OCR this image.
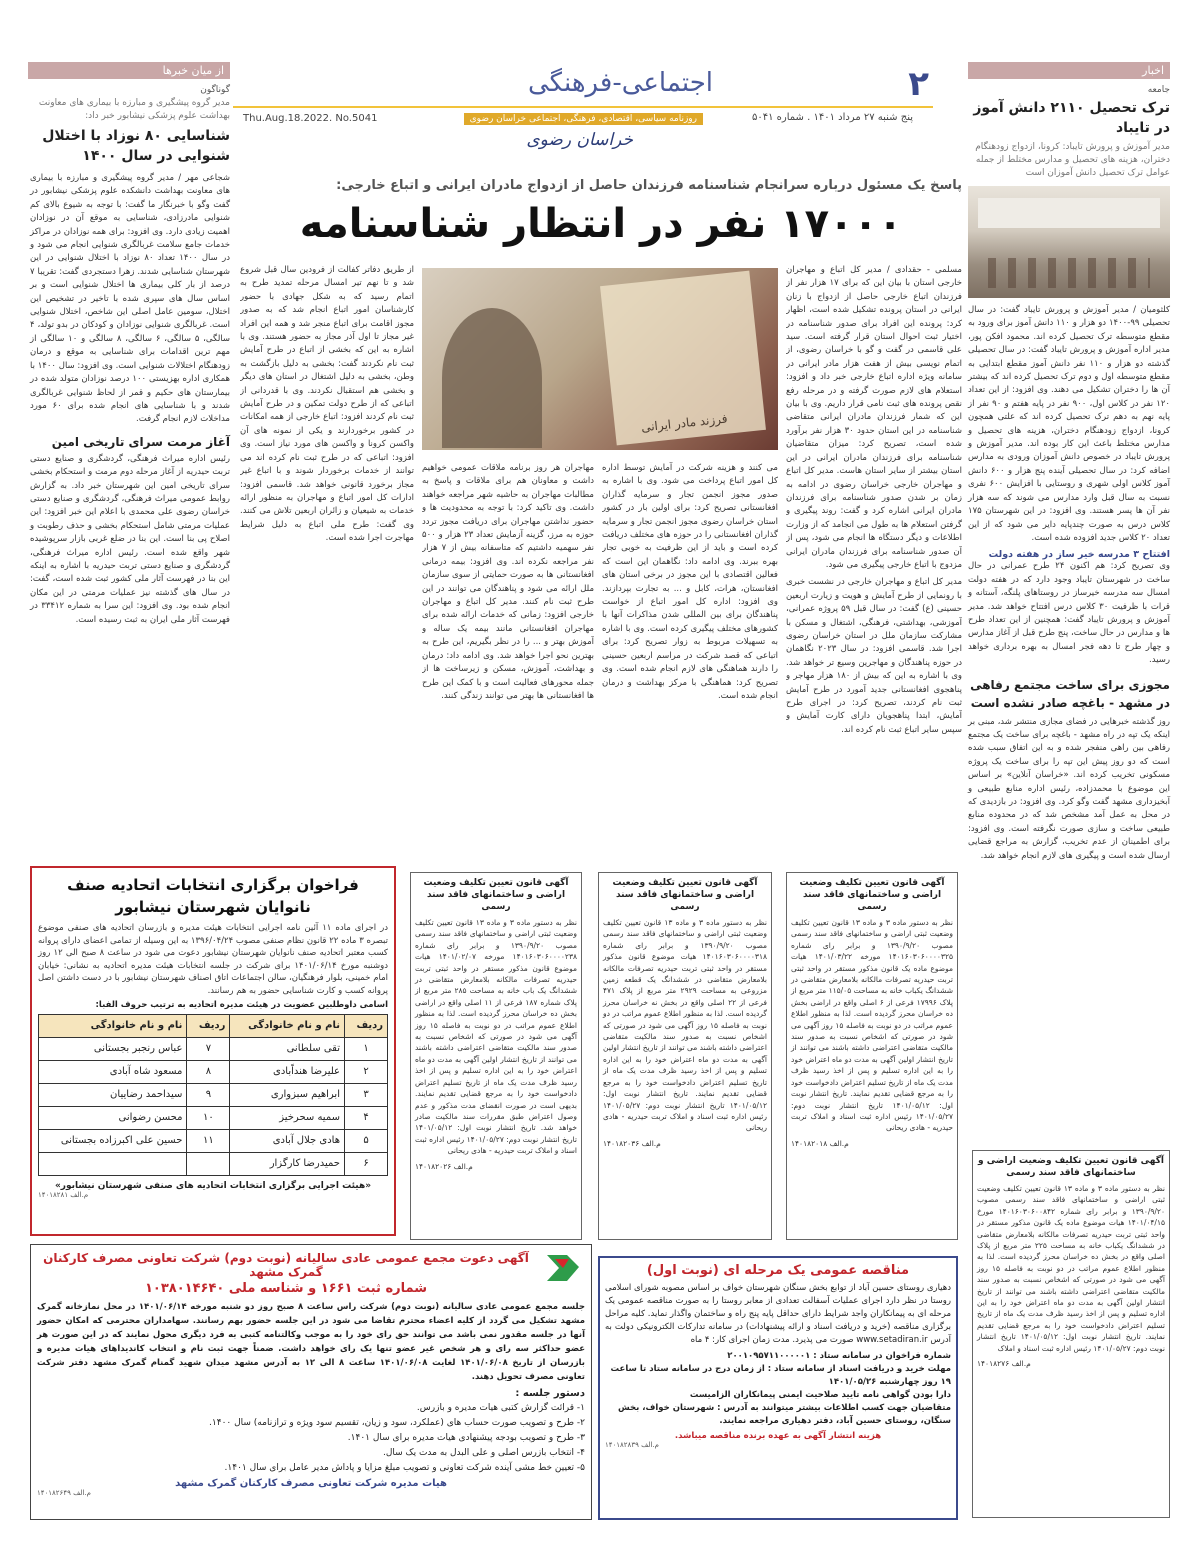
۲
اجتماعی-فرهنگی
پنج شنبه ۲۷ مرداد ۱۴۰۱ . شماره ۵۰۴۱
روزنامه سیاسی، اقتصادی، فرهنگی، اجتماعی خراسان رضوی
Thu.Aug.18.2022. No.5041
خراسان رضوی
از میان خبرها
گوناگون
مدیر گروه پیشگیری و مبارزه با بیماری های معاونت بهداشت علوم پزشکی نیشابور خبر داد:
شناسایی ۸۰ نوزاد با اختلال شنوایی در سال ۱۴۰۰
شجاعی مهر / مدیر گروه پیشگیری و مبارزه با بیماری های معاونت بهداشت دانشکده علوم پزشکی نیشابور در گفت وگو با خبرنگار ما گفت: با توجه به شیوع بالای کم شنوایی مادرزادی، شناسایی به موقع آن در نوزادان اهمیت زیادی دارد. وی افزود: برای همه نوزادان در مراکز خدمات جامع سلامت غربالگری شنوایی انجام می شود و در سال ۱۴۰۰ تعداد ۸۰ نوزاد با اختلال شنوایی در این شهرستان شناسایی شدند. زهرا دستجردی گفت: تقریبا ۷ درصد از بار کلی بیماری ها اختلال شنوایی است و بر اساس سال های سپری شده با تاخیر در تشخیص این اختلال، سومین عامل اصلی این شاخص، اختلال شنوایی است. غربالگری شنوایی نوزادان و کودکان در بدو تولد، ۴ سالگی، ۵ سالگی، ۶ سالگی، ۸ سالگی و ۱۰ سالگی از مهم ترین اقدامات برای شناسایی به موقع و درمان زودهنگام اختلالات شنوایی است. وی افزود: سال ۱۴۰۰ با همکاری اداره بهزیستی ۱۰۰ درصد نوزادان متولد شده در بیمارستان های حکیم و قمر از لحاظ شنوایی غربالگری شدند و با شناسایی های انجام شده برای ۶۰ مورد مداخلات لازم انجام گرفت.
آغاز مرمت سرای تاریخی امین
رئیس اداره میراث فرهنگی، گردشگری و صنایع دستی تربت حیدریه از آغاز مرحله دوم مرمت و استحکام بخشی سرای تاریخی امین این شهرستان خبر داد. به گزارش روابط عمومی میراث فرهنگی، گردشگری و صنایع دستی خراسان رضوی علی محمدی با اعلام این خبر افزود: این عملیات مرمتی شامل استحکام بخشی و حذف رطوبت و اصلاح پی بنا است. این بنا در ضلع غربی بازار سرپوشیده شهر واقع شده است. رئیس اداره میراث فرهنگی، گردشگری و صنایع دستی تربت حیدریه با اشاره به اینکه این بنا در فهرست آثار ملی کشور ثبت شده است، گفت: در سال های گذشته نیز عملیات مرمتی در این مکان انجام شده بود. وی افزود: این سرا به شماره ۳۳۴۱۲ در فهرست آثار ملی ایران به ثبت رسیده است.
اخبار
جامعه
ترک تحصیل ۲۱۱۰ دانش آموز در تایباد
مدیر آموزش و پرورش تایباد: کرونا، ازدواج زودهنگام دختران، هزینه های تحصیل و مدارس مختلط از جمله عوامل ترک تحصیل دانش آموزان است
کلثومیان / مدیر آموزش و پرورش تایباد گفت: در سال تحصیلی ۹۹-۱۴۰۰ دو هزار و ۱۱۰ دانش آموز برای ورود به مقطع متوسطه ترک تحصیل کرده اند. محمود افکن پور، مدیر اداره آموزش و پرورش تایباد گفت: در سال تحصیلی گذشته دو هزار و ۱۱۰ نفر دانش آموز مقطع ابتدایی به مقطع متوسطه اول و دوم ترک تحصیل کرده اند که بیشتر آن ها را دختران تشکیل می دهند. وی افزود: از این تعداد ۱۲۰ نفر در کلاس اول، ۹۰۰ نفر در پایه هفتم و ۹۰ نفر از پایه نهم به دهم ترک تحصیل کرده اند که علتی همچون کرونا، ازدواج زودهنگام دختران، هزینه های تحصیل و مدارس مختلط باعث این کار بوده اند. مدیر آموزش و پرورش تایباد در خصوص دانش آموزان ورودی به مدارس اضافه کرد: در سال تحصیلی آینده پنج هزار و ۶۰۰ دانش آموز کلاس اولی شهری و روستایی با افزایش ۶۰۰ نفری نسبت به سال قبل وارد مدارس می شوند که سه هزار نفر آن ها پسر هستند. وی افزود: در این شهرستان ۱۷۵ کلاس درس به صورت چندپایه دایر می شود که از این تعداد ۲۰ کلاس جدید افزوده شده است.
افتتاح ۳ مدرسه خیر ساز در هفته دولت
وی تصریح کرد: هم اکنون ۲۴ طرح عمرانی در حال ساخت در شهرستان تایباد وجود دارد که در هفته دولت امسال سه مدرسه خیرساز در روستاهای پلنگه، آستانه و قرات با ظرفیت ۳۰ کلاس درس افتتاح خواهد شد. مدیر آموزش و پرورش تایباد گفت: همچنین از این تعداد طرح ها و مدارس در حال ساخت، پنج طرح قبل از آغاز مدارس و چهار طرح تا دهه فجر امسال به بهره برداری خواهد رسید.
مجوزی برای ساخت مجتمع رفاهی در مشهد - باغچه صادر نشده است
روز گذشته خبرهایی در فضای مجازی منتشر شد، مبنی بر اینکه یک تپه در راه مشهد - باغچه برای ساخت یک مجتمع رفاهی بین راهی منفجر شده و به این اتفاق سبب شده است که دو روز پیش این تپه را برای ساخت یک پروژه مسکونی تخریب کرده اند. «خراسان آنلاین» بر اساس این موضوع با محمدزاده، رئیس اداره منابع طبیعی و آبخیزداری مشهد گفت وگو کرد. وی افزود: در بازدیدی که در محل به عمل آمد مشخص شد که در محدوده منابع طبیعی ساخت و سازی صورت نگرفته است. وی افزود: برای اطمینان از عدم تخریب، گزارش به مراجع قضایی ارسال شده است و پیگیری های لازم انجام خواهد شد.
پاسخ یک مسئول درباره سرانجام شناسنامه فرزندان حاصل از ازدواج مادران ایرانی و اتباع خارجی:
۱۷۰۰۰ نفر در انتظار شناسنامه
مسلمی - حقدادی / مدیر کل اتباع و مهاجران خارجی استان با بیان این که برای ۱۷ هزار نفر از فرزندان اتباع خارجی حاصل از ازدواج با زنان ایرانی در استان پرونده تشکیل شده است، اظهار کرد: پرونده این افراد برای صدور شناسنامه در اختیار ثبت احوال استان قرار گرفته است. سید علی قاسمی در گفت و گو با خراسان رضوی، از اتمام نویسی بیش از هفت هزار مادر ایرانی در سامانه ویژه اداره اتباع خارجی خبر داد و افزود: استعلام های لازم صورت گرفته و در مرحله رفع نقص پرونده های ثبت نامی قرار داریم. وی با بیان این که شمار فرزندان مادران ایرانی متقاضی شناسنامه در این استان حدود ۳۰ هزار نفر برآورد شده است، تصریح کرد: میزان متقاضیان شناسنامه برای فرزندان مادران ایرانی در این استان بیشتر از سایر استان هاست. مدیر کل اتباع و مهاجران خارجی خراسان رضوی در ادامه به زمان بر شدن صدور شناسنامه برای فرزندان مادران ایرانی اشاره کرد و گفت: روند پیگیری و گرفتن استعلام ها به طول می انجامد که از وزارت اطلاعات و دیگر دستگاه ها انجام می شود، پس از آن صدور شناسنامه برای فرزندان مادران ایرانی مزدوج با اتباع خارجی پیگیری می شود.
مدیر کل اتباع و مهاجران خارجی در نشست خبری با رونمایی از طرح آمایش و هویت و زیارت اربعین حسینی (ع) گفت: در سال قبل ۵۹ پروژه عمرانی، آموزشی، بهداشتی، فرهنگی، اشتغال و مسکن با مشارکت سازمان ملل در استان خراسان رضوی اجرا شد. قاسمی افزود: در سال ۲۰۲۳ نگاهمان در حوزه پناهندگان و مهاجرین وسیع تر خواهد شد. وی با اشاره به این که بیش از ۱۸۰ هزار مهاجر و پناهجوی افغانستانی جدید آمورد در طرح آمایش ثبت نام کردند، تصریح کرد: در اجرای طرح آمایش، ابتدا پناهجویان دارای کارت آمایش و سپس سایر اتباع ثبت نام کرده اند.
فرزند مادر ایرانی
می کنند و هزینه شرکت در آمایش توسط اداره کل امور اتباع پرداخت می شود. وی با اشاره به صدور مجوز انجمن تجار و سرمایه گذاران افغانستانی تصریح کرد: برای اولین بار در کشور استان خراسان رضوی مجوز انجمن تجار و سرمایه گذاران افغانستانی را در حوزه های مختلف دریافت کرده است و باید از این ظرفیت به خوبی تجار بهره ببرند. وی ادامه داد: نگاهمان این است که فعالین اقتصادی با این مجوز در برخی استان های افغانستان، هرات، کابل و ... به تجارت بپردازند. وی افزود: اداره کل امور اتباع از خواست پناهندگان برای بین المللی شدن مذاکرات آنها با کشورهای مختلف پیگیری کرده است. وی با اشاره به تسهیلات مربوط به زوار تصریح کرد: برای اتباعی که قصد شرکت در مراسم اربعین حسینی را دارند هماهنگی های لازم انجام شده است. وی تصریح کرد: هماهنگی با مرکز بهداشت و درمان انجام شده است.
مهاجران هر روز برنامه ملاقات عمومی خواهیم داشت و معاونان هم برای ملاقات و پاسخ به مطالبات مهاجران به حاشیه شهر مراجعه خواهند داشت. وی تاکید کرد: با توجه به محدودیت ها و حضور نداشتن مهاجران برای دریافت مجوز تردد حوزه به مرز، گزینه آزمایش تعداد ۲۳ هزار و ۵۰۰ نفر سهمیه داشتیم که متاسفانه بیش از ۷ هزار نفر مراجعه نکرده اند. وی افزود: بیمه درمانی افغانستانی ها به صورت حمایتی از سوی سازمان ملل ارائه می شود و پناهندگان می توانند در این طرح ثبت نام کنند. مدیر کل اتباع و مهاجران خارجی افزود: زمانی که خدمات ارائه شده برای مهاجران افغانستانی مانند بیمه یک ساله و آموزش بهتر و ... را در نظر بگیریم، این طرح به بهترین نحو اجرا خواهد شد. وی ادامه داد: درمان و بهداشت، آموزش، مسکن و زیرساخت ها از جمله محورهای فعالیت است و با کمک این طرح ها افغانستانی ها بهتر می توانند زندگی کنند.
از طریق دفاتر کفالت از فرودین سال قبل شروع شد و تا نهم تیر امسال مرحله تمدید طرح به اتمام رسید که به شکل جهادی با حضور کارشناسان امور اتباع انجام شد که به صدور مجوز اقامت برای اتباع منجر شد و همه این افراد غیر مجاز تا اول آذر مجاز به حضور هستند. وی با اشاره به این که بخشی از اتباع در طرح آمایش ثبت نام نکردند گفت: بخشی به دلیل بازگشت به وطن، بخشی به دلیل اشتغال در استان های دیگر و بخشی هم استقبال نکردند. وی با قدردانی از اتباعی که از طرح دولت تمکین و در طرح آمایش ثبت نام کردند افزود: اتباع خارجی از همه امکانات در کشور برخوردارند و یکی از نمونه های آن واکسن کرونا و واکسن های مورد نیاز است. وی افزود: اتباعی که در طرح ثبت نام کرده اند می توانند از خدمات برخوردار شوند و با اتباع غیر مجاز برخورد قانونی خواهد شد. قاسمی افزود: ادارات کل امور اتباع و مهاجران به منظور ارائه خدمات به شیعیان و زائران اربعین تلاش می کنند. وی گفت: طرح ملی اتباع به دلیل شرایط مهاجرت اجرا شده است.
فراخوان برگزاری انتخابات اتحادیه صنف نانوایان شهرستان نیشابور
در اجرای ماده ۱۱ آئین نامه اجرایی انتخابات هیئت مدیره و بازرسان اتحادیه های صنفی موضوع تبصره ۳ ماده ۲۲ قانون نظام صنفی مصوب ۱۳۹۶/۰۴/۲۴ به این وسیله از تمامی اعضای دارای پروانه کسب معتبر اتحادیه صنف نانوایان شهرستان نیشابور دعوت می شود در ساعت ۸ صبح الی ۱۲ روز دوشنبه مورخ ۱۴۰۱/۰۶/۱۴ برای شرکت در جلسه انتخابات هیئت مدیره اتحادیه به نشانی: خیابان امام خمینی، بلوار فرهنگیان، سالن اجتماعات اتاق اصناف شهرستان نیشابور با در دست داشتن اصل پروانه کسب و کارت شناسایی حضور به هم رسانند.
اسامی داوطلبین عضویت در هیئت مدیره اتحادیه به ترتیب حروف الفبا:
ردیف	نام و نام خانوادگی	ردیف	نام و نام خانوادگی
۱	تقی سلطانی	۷	عباس رنجبر بجستانی
۲	علیرضا هنداًبادی	۸	مسعود شاه آبادی
۳	ابراهیم سبزواری	۹	سیداحمد رضاییان
۴	سمیه سحرخیز	۱۰	محسن رضوانی
۵	هادی جلال آبادی	۱۱	حسین علی اکبرزاده بجستانی
۶	حمیدرضا کارگزار		
«هیئت اجرایی برگزاری انتخابات اتحادیه های صنفی شهرستان نیشابور»
م.الف ۱۴۰۱۸۲۸۱
آگهی قانون تعیین تکلیف وضعیت اراضی و ساختمانهای فاقد سند رسمی
نظر به دستور ماده ۳ و ماده ۱۳ قانون تعیین تکلیف وضعیت ثبتی اراضی و ساختمانهای فاقد سند رسمی مصوب ۱۳۹۰/۹/۲۰ و برابر رای شماره ۱۴۰۱۶۰۳۰۶۰۰۰۰۲۳۸ مورخه ۱۴۰۱/۰۲/۰۷ هیات موضوع قانون مذکور مستقر در واحد ثبتی تربت حیدریه تصرفات مالکانه بلامعارض متقاضی در ششدانگ یک باب خانه به مساحت ۲۸۵ متر مربع از پلاک شماره ۱۸۷ فرعی از ۱۱ اصلی واقع در اراضی بخش ده خراسان محرز گردیده است. لذا به منظور اطلاع عموم مراتب در دو نوبت به فاصله ۱۵ روز آگهی می شود در صورتی که اشخاص نسبت به صدور سند مالکیت متقاضی اعتراضی داشته باشند می توانند از تاریخ انتشار اولین آگهی به مدت دو ماه اعتراض خود را به این اداره تسلیم و پس از اخذ رسید ظرف مدت یک ماه از تاریخ تسلیم اعتراض دادخواست خود را به مرجع قضایی تقدیم نمایند. بدیهی است در صورت انقضای مدت مذکور و عدم وصول اعتراض طبق مقررات سند مالکیت صادر خواهد شد. تاریخ انتشار نوبت اول: ۱۴۰۱/۰۵/۱۲ تاریخ انتشار نوبت دوم: ۱۴۰۱/۰۵/۲۷ رئیس اداره ثبت اسناد و املاک تربت حیدریه - هادی ریحانی
م.الف ۱۴۰۱۸۲۰۲۶
آگهی قانون تعیین تکلیف وضعیت اراضی و ساختمانهای فاقد سند رسمی
نظر به دستور ماده ۳ و ماده ۱۳ قانون تعیین تکلیف وضعیت ثبتی اراضی و ساختمانهای فاقد سند رسمی مصوب ۱۳۹۰/۹/۲۰ و برابر رای شماره ۱۴۰۱۶۰۳۰۶۰۰۰۰۳۱۸ هیات موضوع قانون مذکور مستقر در واحد ثبتی تربت حیدریه تصرفات مالکانه بلامعارض متقاضی در ششدانگ یک قطعه زمین مزروعی به مساحت ۲۹۲۹ متر مربع از پلاک ۴۷۱ فرعی از ۲۲ اصلی واقع در بخش نه خراسان محرز گردیده است. لذا به منظور اطلاع عموم مراتب در دو نوبت به فاصله ۱۵ روز آگهی می شود در صورتی که اشخاص نسبت به صدور سند مالکیت متقاضی اعتراضی داشته باشند می توانند از تاریخ انتشار اولین آگهی به مدت دو ماه اعتراض خود را به این اداره تسلیم و پس از اخذ رسید ظرف مدت یک ماه از تاریخ تسلیم اعتراض دادخواست خود را به مرجع قضایی تقدیم نمایند. تاریخ انتشار نوبت اول: ۱۴۰۱/۰۵/۱۲ تاریخ انتشار نوبت دوم: ۱۴۰۱/۰۵/۲۷ رئیس اداره ثبت اسناد و املاک تربت حیدریه - هادی ریحانی
م.الف ۱۴۰۱۸۲۰۳۶
آگهی قانون تعیین تکلیف وضعیت اراضی و ساختمانهای فاقد سند رسمی
نظر به دستور ماده ۳ و ماده ۱۳ قانون تعیین تکلیف وضعیت ثبتی اراضی و ساختمانهای فاقد سند رسمی مصوب ۱۳۹۰/۹/۲۰ و برابر رای شماره ۱۴۰۱۶۰۳۰۶۰۰۰۰۳۲۵ مورخه ۱۴۰۱/۰۳/۲۲ هیات موضوع ماده یک قانون مذکور مستقر در واحد ثبتی تربت حیدریه تصرفات مالکانه بلامعارض متقاضی در ششدانگ یکباب خانه به مساحت ۱۱۵/۰۵ متر مربع از پلاک ۱۷۹۹۶ فرعی از ۶ اصلی واقع در اراضی بخش ده خراسان محرز گردیده است. لذا به منظور اطلاع عموم مراتب در دو نوبت به فاصله ۱۵ روز آگهی می شود در صورتی که اشخاص نسبت به صدور سند مالکیت متقاضی اعتراضی داشته باشند می توانند از تاریخ انتشار اولین آگهی به مدت دو ماه اعتراض خود را به این اداره تسلیم و پس از اخذ رسید ظرف مدت یک ماه از تاریخ تسلیم اعتراض دادخواست خود را به مرجع قضایی تقدیم نمایند. تاریخ انتشار نوبت اول: ۱۴۰۱/۰۵/۱۲ تاریخ انتشار نوبت دوم: ۱۴۰۱/۰۵/۲۷ رئیس اداره ثبت اسناد و املاک تربت حیدریه - هادی ریحانی
م.الف ۱۴۰۱۸۲۰۱۸
آگهی قانون تعیین تکلیف وضعیت اراضی و ساختمانهای فاقد سند رسمی
نظر به دستور ماده ۳ و ماده ۱۳ قانون تعیین تکلیف وضعیت ثبتی اراضی و ساختمانهای فاقد سند رسمی مصوب ۱۳۹۰/۹/۲۰ و برابر رای شماره ۱۴۰۱۶۰۳۰۶۰۰۸۴۲ مورخ ۱۴۰۱/۰۴/۱۵ هیات موضوع ماده یک قانون مذکور مستقر در واحد ثبتی تربت حیدریه تصرفات مالکانه بلامعارض متقاضی در ششدانگ یکباب خانه به مساحت ۲۲۵ متر مربع از پلاک اصلی واقع در بخش ده خراسان محرز گردیده است. لذا به منظور اطلاع عموم مراتب در دو نوبت به فاصله ۱۵ روز آگهی می شود در صورتی که اشخاص نسبت به صدور سند مالکیت متقاضی اعتراضی داشته باشند می توانند از تاریخ انتشار اولین آگهی به مدت دو ماه اعتراض خود را به این اداره تسلیم و پس از اخذ رسید ظرف مدت یک ماه از تاریخ تسلیم اعتراض دادخواست خود را به مرجع قضایی تقدیم نمایند. تاریخ انتشار نوبت اول: ۱۴۰۱/۰۵/۱۲ تاریخ انتشار نوبت دوم: ۱۴۰۱/۰۵/۲۷ رئیس اداره ثبت اسناد و املاک
م.الف ۱۴۰۱۸۲۷۶
آگهی دعوت مجمع عمومی عادی سالیانه (نوبت دوم) شرکت تعاونی مصرف کارکنان گمرک مشهد
شماره ثبت ۱۶۶۱ و شناسه ملی ۱۰۳۸۰۱۴۶۴۰
جلسه مجمع عمومی عادی سالیانه (نوبت دوم) شرکت راس ساعت ۸ صبح روز دو شنبه مورخه ۱۴۰۱/۰۶/۱۴ در محل نمازخانه گمرک مشهد تشکیل می گردد از کلیه اعضاء محترم تقاضا می شود در این جلسه حضور بهم رسانند. سهامداران محترمی که امکان حضور آنها در جلسه مقدور نمی باشد می توانند حق رای خود را به موجب وکالتنامه کتبی به فرد دیگری محول نمایند که در این صورت هر عضو حداکثر سه رای و هر شخص غیر عضو تنها یک رای خواهد داشت. ضمناً جهت ثبت نام و انتخاب کاندیداهای هیات مدیره و بازرسان از تاریخ ۱۴۰۱/۰۶/۰۸ لغایت ۱۴۰۱/۰۶/۰۸ ساعت ۸ الی ۱۲ به آدرس مشهد میدان شهید گمنام گمرک مشهد دفتر شرکت تعاونی مصرف تحویل دهند.
دستور جلسه :
۱- قرائت گزارش کتبی هیات مدیره و بازرس.
۲- طرح و تصویب صورت حساب های (عملکرد، سود و زیان، تقسیم سود ویژه و ترازنامه) سال ۱۴۰۰.
۳- طرح و تصویب بودجه پیشنهادی هیات مدیره برای سال ۱۴۰۱.
۴- انتخاب بازرس اصلی و علی البدل به مدت یک سال.
۵- تعیین خط مشی آینده شرکت تعاونی و تصویب مبلغ مزایا و پاداش مدیر عامل برای سال ۱۴۰۱.
هیات مدیره شرکت تعاونی مصرف کارکنان گمرک مشهد
م.الف ۱۴۰۱۸۲۶۴۹
مناقصه عمومی یک مرحله ای (نوبت اول)
دهیاری روستای حسین آباد از توابع بخش سنگان شهرستان خواف بر اساس مصوبه شورای اسلامی روستا در نظر دارد اجرای عملیات آسفالت تعدادی از معابر روستا را به صورت مناقصه عمومی یک مرحله ای به پیمانکاران واجد شرایط دارای حداقل پایه پنج راه و ساختمان واگذار نماید. کلیه مراحل برگزاری مناقصه (خرید و دریافت اسناد و ارائه پیشنهادات) در سامانه تدارکات الکترونیکی دولت به آدرس www.setadiran.ir صورت می پذیرد. مدت زمان اجرای کار: ۴ ماه
شماره فراخوان در سامانه ستاد : ۲۰۰۱۰۹۵۷۱۱۰۰۰۰۰۱
مهلت خرید و دریافت اسناد از سامانه ستاد : از زمان درج در سامانه ستاد تا ساعت ۱۹ روز چهارشنبه ۱۴۰۱/۰۵/۲۶
دارا بودن گواهی نامه تایید صلاحیت ایمنی پیمانکاران الزامیست
متقاضیان جهت کسب اطلاعات بیشتر میتوانند به آدرس : شهرستان خواف، بخش سنگان، روستای حسین آباد، دفتر دهیاری مراجعه نمایند.
هزینه انتشار آگهی به عهده برنده مناقصه میباشد.
م.الف ۱۴۰۱۸۲۸۳۹
